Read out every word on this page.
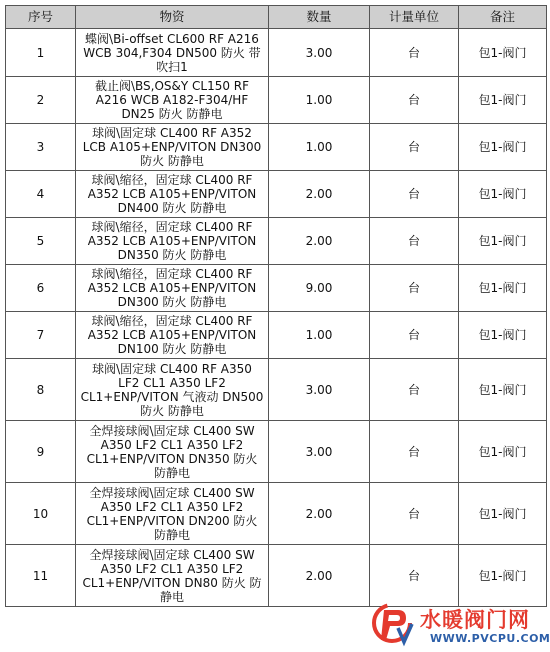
序号	物资	数量	计量单位	备注
1	蝶阀\Bi-offset CL600 RF A216 WCB 304,F304 DN500 防火 带吹扫1	3.00	台	包1-阀门
2	截止阀\BS,OS&Y CL150 RF A216 WCB A182-F304/HF DN25 防火 防静电	1.00	台	包1-阀门
3	球阀\固定球 CL400 RF A352 LCB A105+ENP/VITON DN300 防火 防静电	1.00	台	包1-阀门
4	球阀\缩径，固定球 CL400 RF A352 LCB A105+ENP/VITON DN400 防火 防静电	2.00	台	包1-阀门
5	球阀\缩径，固定球 CL400 RF A352 LCB A105+ENP/VITON DN350 防火 防静电	2.00	台	包1-阀门
6	球阀\缩径，固定球 CL400 RF A352 LCB A105+ENP/VITON DN300 防火 防静电	9.00	台	包1-阀门
7	球阀\缩径，固定球 CL400 RF A352 LCB A105+ENP/VITON DN100 防火 防静电	1.00	台	包1-阀门
8	球阀\固定球 CL400 RF A350 LF2 CL1 A350 LF2 CL1+ENP/VITON 气液动 DN500 防火 防静电	3.00	台	包1-阀门
9	全焊接球阀\固定球 CL400 SW A350 LF2 CL1 A350 LF2 CL1+ENP/VITON DN350 防火 防静电	3.00	台	包1-阀门
10	全焊接球阀\固定球 CL400 SW A350 LF2 CL1 A350 LF2 CL1+ENP/VITON DN200 防火 防静电	2.00	台	包1-阀门
11	全焊接球阀\固定球 CL400 SW A350 LF2 CL1 A350 LF2 CL1+ENP/VITON DN80 防火 防静电	2.00	台	包1-阀门
水暖阀门网
WWW.PVCPU.COM
